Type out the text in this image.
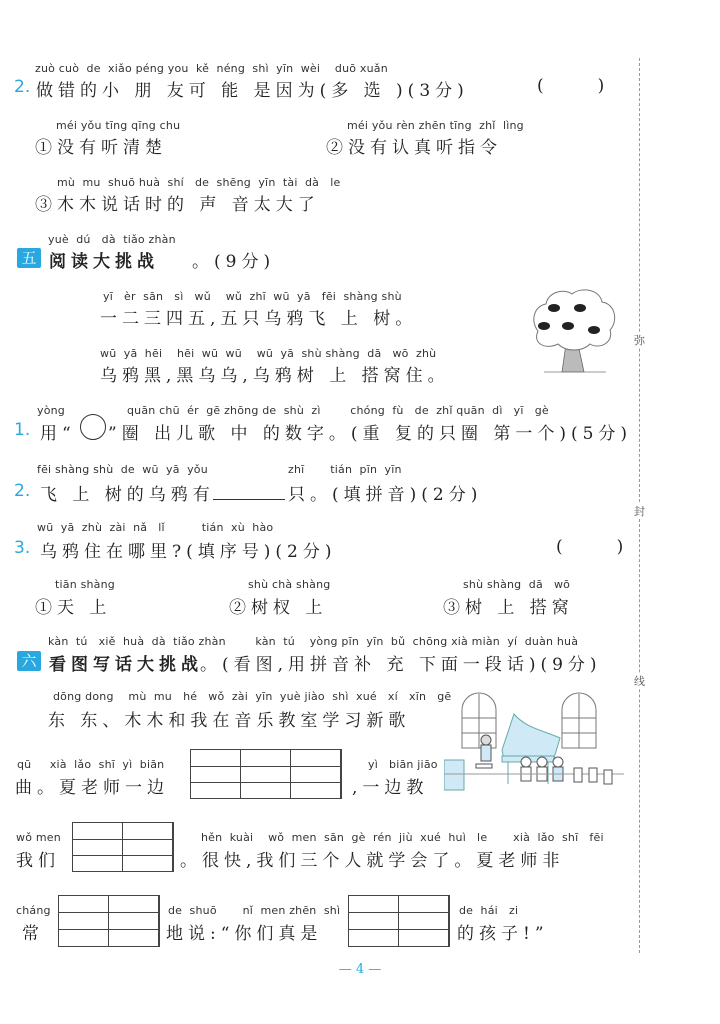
弥
封
线
zuò cuò  de  xiǎo péng you  kě  néng  shì  yīn  wèi    duō xuǎn
2. 做错的小 朋 友可 能 是因为(多 选 )(3分)	(          )
méi yǒu tīng qīng chu
①没有听清楚
méi yǒu rèn zhēn tīng  zhǐ  lìng
②没有认真听指令
mù  mu  shuō huà  shí   de  shēng  yīn  tài  dà   le
③木木说话时的 声 音太大了
yuè  dú   dà  tiǎo zhàn
五 阅读大挑战 。(9分)
yī   èr  sān   sì   wǔ    wǔ  zhī  wū  yā   fēi  shàng shù
一二三四五,五只乌鸦飞 上 树。
wū  yā  hēi    hēi  wū  wū    wū  yā  shù shàng  dā   wō  zhù
乌鸦黑,黑乌乌,乌鸦树 上 搭窝住。
yòng	quān chū  ér  gē zhōng de  shù  zì        chóng  fù   de  zhǐ quān  dì   yī   gè
1. 用“ ”圈 出儿歌 中 的数字。(重 复的只圈 第一个)(5分)
fēi shàng shù  de  wū  yā  yǒu	zhī       tián  pīn  yīn
2. 飞 上 树的乌鸦有	只。(填拼音)(2分)
wū  yā  zhù  zài  nǎ   lǐ          tián  xù  hào
3. 乌鸦住在哪里?(填序号)(2分)	(          )
tiān shàng
①天 上
shù chà shàng
②树杈 上
shù shàng  dā   wō
③树 上 搭窝
kàn  tú   xiě  huà  dà  tiǎo zhàn        kàn  tú    yòng pīn  yīn  bǔ  chōng xià miàn  yí  duàn huà
六 看图写话大挑战
。(看图,用拼音补 充 下面一段话)(9分)
dōng dong    mù  mu   hé   wǒ  zài  yīn  yuè jiào  shì  xué   xí   xīn   gē
东 东、木木和我在音乐教室学习新歌
qū     xià  lǎo  shī  yì  biān
曲。夏老师一边
yì   biān jiāo
,一边教
wǒ men
我们
hěn  kuài    wǒ  men  sān  gè  rén  jiù  xué  huì   le       xià  lǎo  shī   fēi
。很快,我们三个人就学会了。夏老师非
cháng
常
de  shuō       nǐ  men zhēn  shì
地说:“你们真是
de  hái   zi
的孩子!”
— 4 —
